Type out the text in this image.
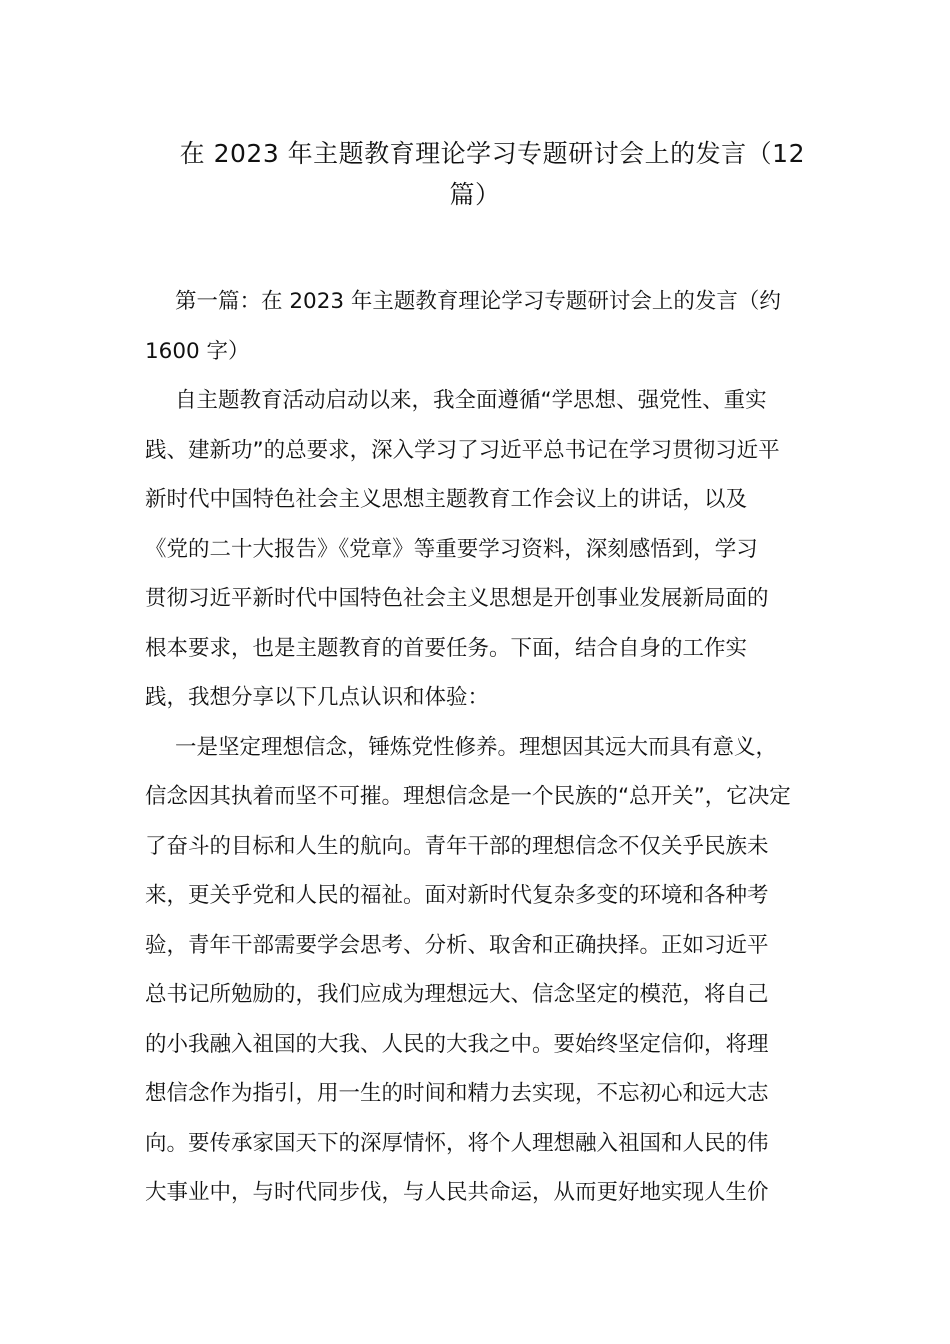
在 2023 年主题教育理论学习专题研讨会上的发言（12
篇）
第一篇：在 2023 年主题教育理论学习专题研讨会上的发言（约
1600 字）
自主题教育活动启动以来，我全面遵循“学思想、强党性、重实
践、建新功”的总要求，深入学习了习近平总书记在学习贯彻习近平
新时代中国特色社会主义思想主题教育工作会议上的讲话，以及
《党的二十大报告》《党章》等重要学习资料，深刻感悟到，学习
贯彻习近平新时代中国特色社会主义思想是开创事业发展新局面的
根本要求，也是主题教育的首要任务。下面，结合自身的工作实
践，我想分享以下几点认识和体验：
一是坚定理想信念，锤炼党性修养。理想因其远大而具有意义，
信念因其执着而坚不可摧。理想信念是一个民族的“总开关”，它决定
了奋斗的目标和人生的航向。青年干部的理想信念不仅关乎民族未
来，更关乎党和人民的福祉。面对新时代复杂多变的环境和各种考
验，青年干部需要学会思考、分析、取舍和正确抉择。正如习近平
总书记所勉励的，我们应成为理想远大、信念坚定的模范，将自己
的小我融入祖国的大我、人民的大我之中。要始终坚定信仰，将理
想信念作为指引，用一生的时间和精力去实现，不忘初心和远大志
向。要传承家国天下的深厚情怀，将个人理想融入祖国和人民的伟
大事业中，与时代同步伐，与人民共命运，从而更好地实现人生价
